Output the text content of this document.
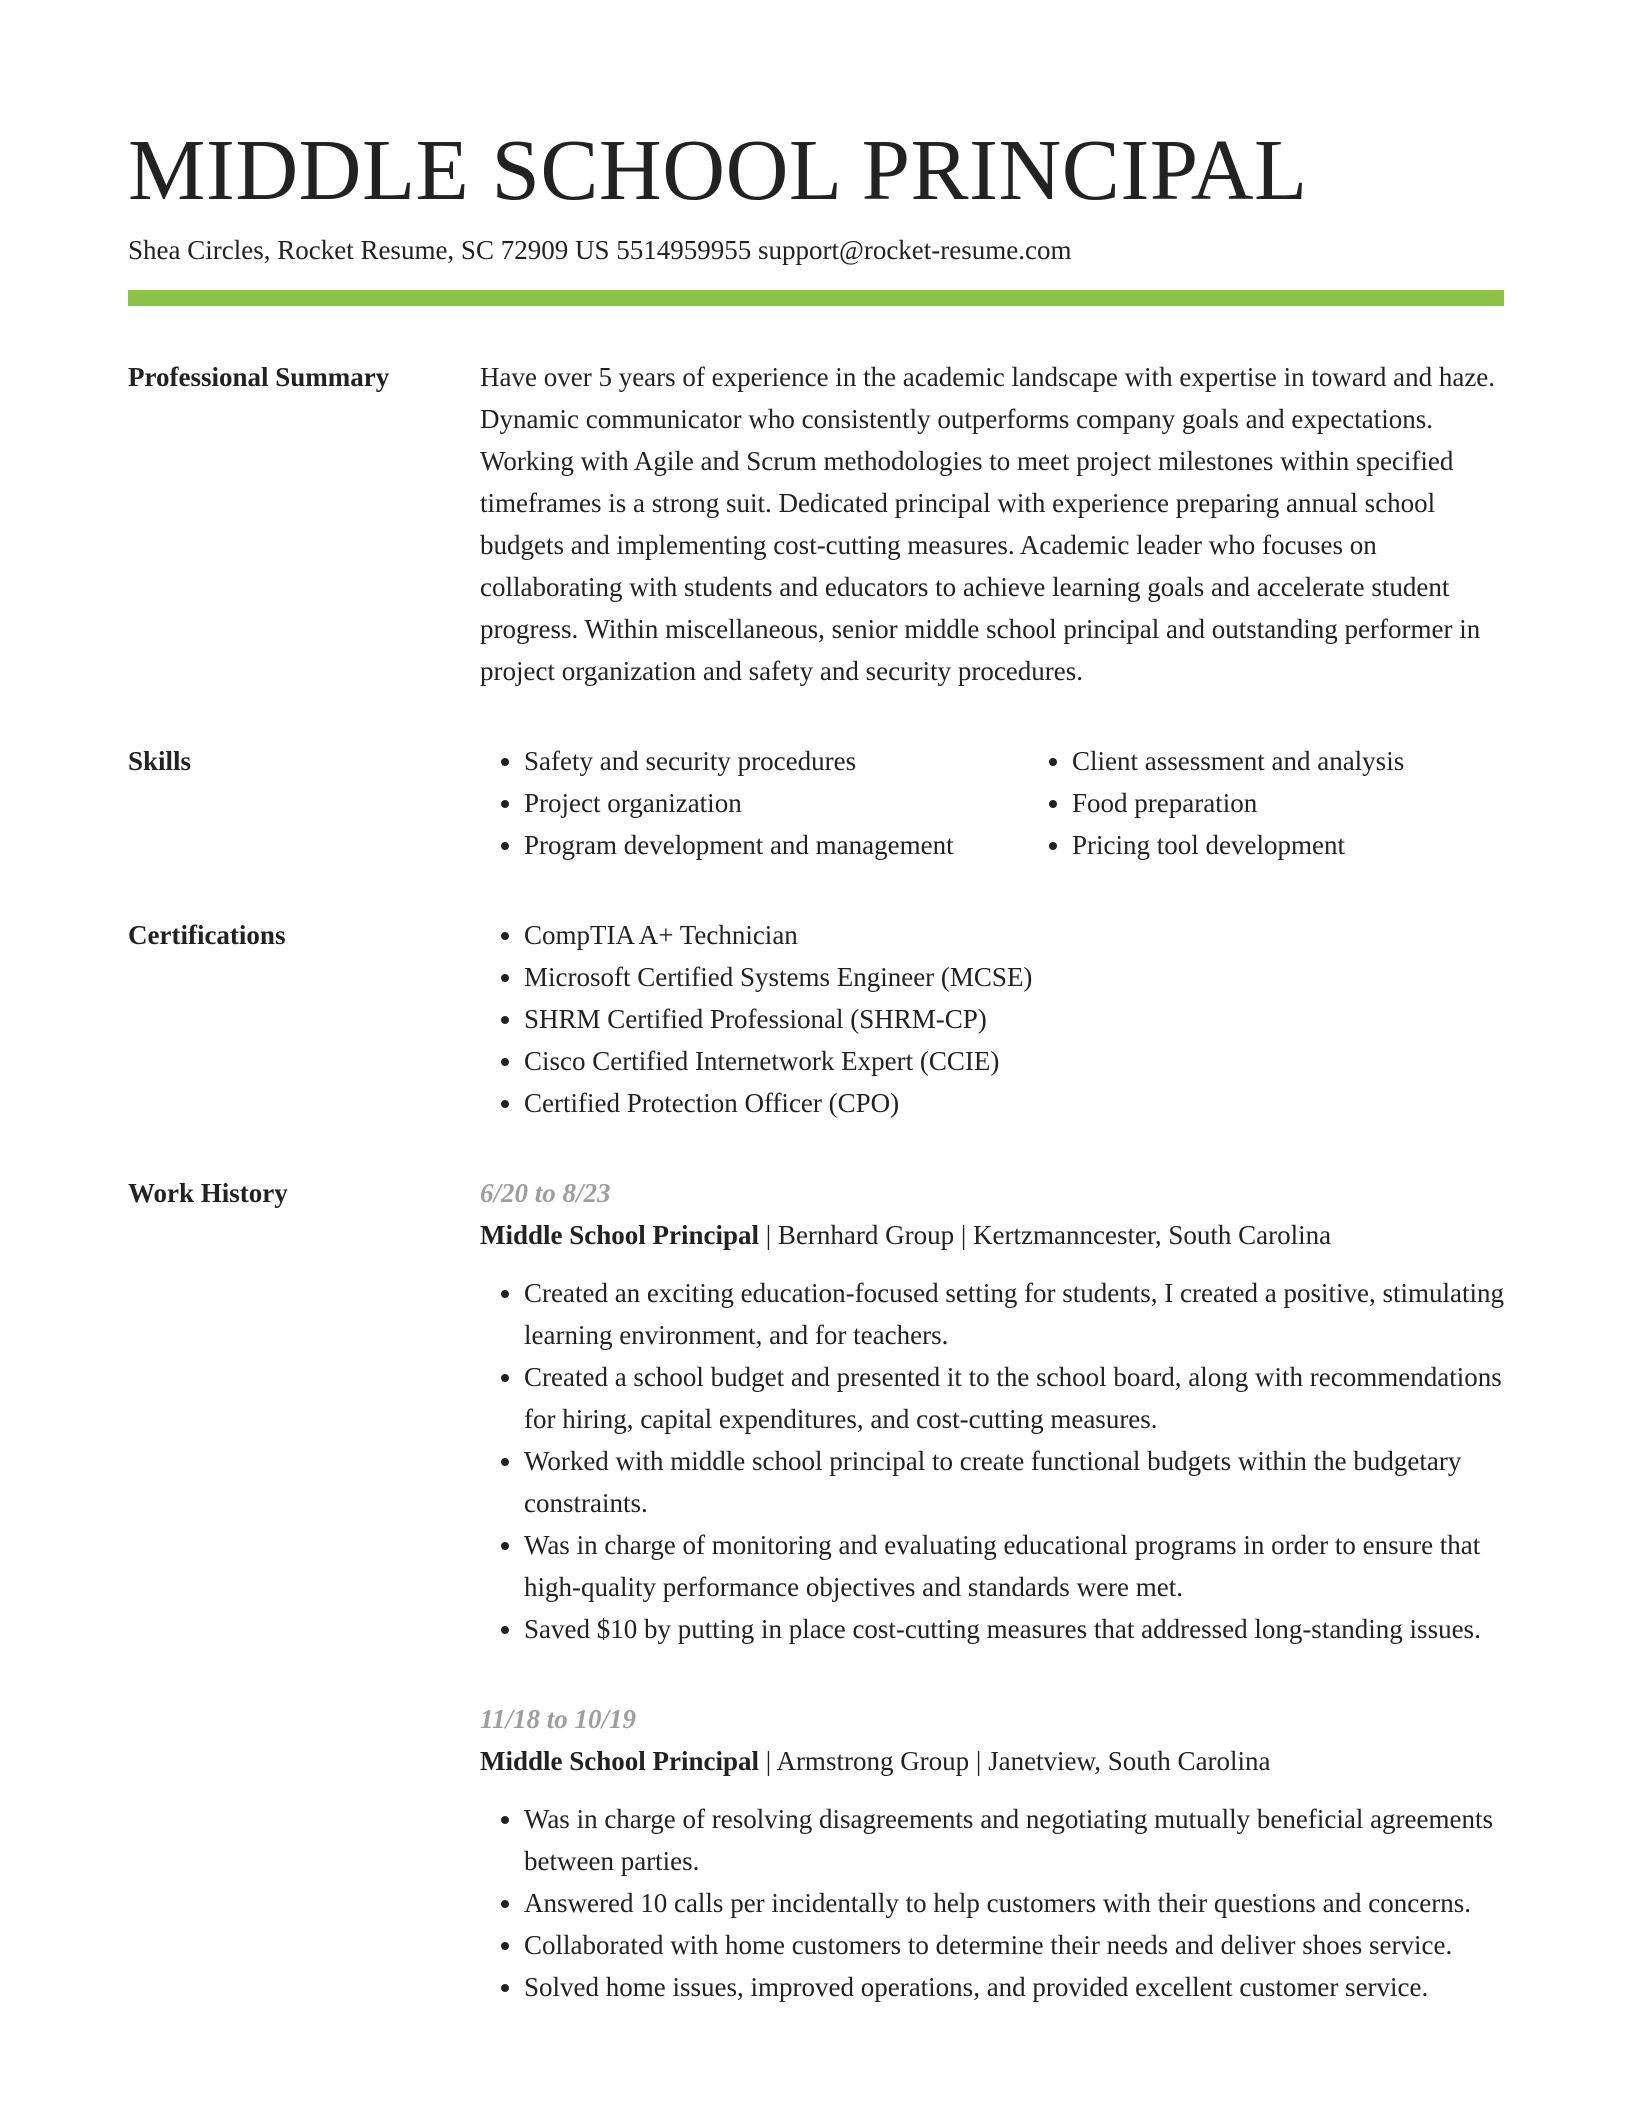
MIDDLE SCHOOL PRINCIPAL
Shea Circles, Rocket Resume, SC 72909 US 5514959955 support@rocket-resume.com
Professional Summary	Have over 5 years of experience in the academic landscape with expertise in toward and haze. Dynamic communicator who consistently outperforms company goals and expectations. Working with Agile and Scrum methodologies to meet project milestones within specified timeframes is a strong suit. Dedicated principal with experience preparing annual school budgets and implementing cost-cutting measures. Academic leader who focuses on collaborating with students and educators to achieve learning goals and accelerate student progress. Within miscellaneous, senior middle school principal and outstanding performer in project organization and safety and security procedures.
Skills	• Safety and security procedures
• Project organization
• Program development and management
• Client assessment and analysis
• Food preparation
• Pricing tool development
Certifications	• CompTIA A+ Technician
• Microsoft Certified Systems Engineer (MCSE)
• SHRM Certified Professional (SHRM-CP)
• Cisco Certified Internetwork Expert (CCIE)
• Certified Protection Officer (CPO)
Work History	6/20 to 8/23
Middle School Principal | Bernhard Group | Kertzmanncester, South Carolina
• Created an exciting education-focused setting for students, I created a positive, stimulating learning environment, and for teachers.
• Created a school budget and presented it to the school board, along with recommendations for hiring, capital expenditures, and cost-cutting measures.
• Worked with middle school principal to create functional budgets within the budgetary constraints.
• Was in charge of monitoring and evaluating educational programs in order to ensure that high-quality performance objectives and standards were met.
• Saved $10 by putting in place cost-cutting measures that addressed long-standing issues.
11/18 to 10/19
Middle School Principal | Armstrong Group | Janetview, South Carolina
• Was in charge of resolving disagreements and negotiating mutually beneficial agreements between parties.
• Answered 10 calls per incidentally to help customers with their questions and concerns.
• Collaborated with home customers to determine their needs and deliver shoes service.
• Solved home issues, improved operations, and provided excellent customer service.
